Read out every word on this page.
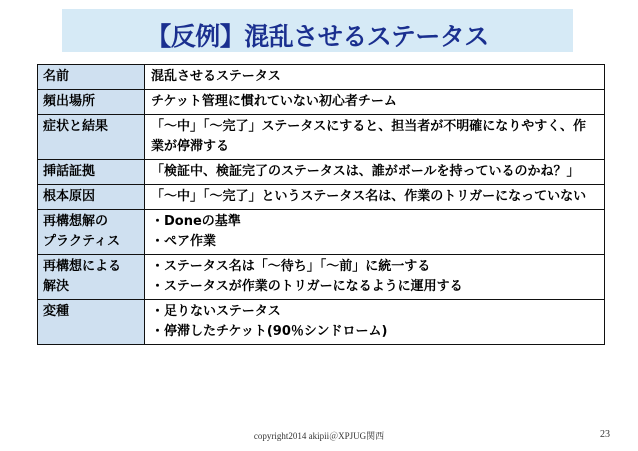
【反例】混乱させるステータス
名前	混乱させるステータス

頻出場所	チケット管理に慣れていない初心者チーム

症状と結果	「～中」「～完了」ステータスにすると、担当者が不明確になりやすく、作業が停滞する

挿話証拠	「検証中、検証完了のステータスは、誰がボールを持っているのかね？」

根本原因	「～中」「～完了」というステータス名は、作業のトリガーになっていない

再構想解の
プラクティス	・Doneの基準
・ペア作業

再構想による
解決	・ステータス名は「～待ち」「～前」に統一する
・ステータスが作業のトリガーになるように運用する

変種	・足りないステータス
・停滞したチケット(90％シンドローム)
copyright2014 akipii＠XPJUG関西	23
